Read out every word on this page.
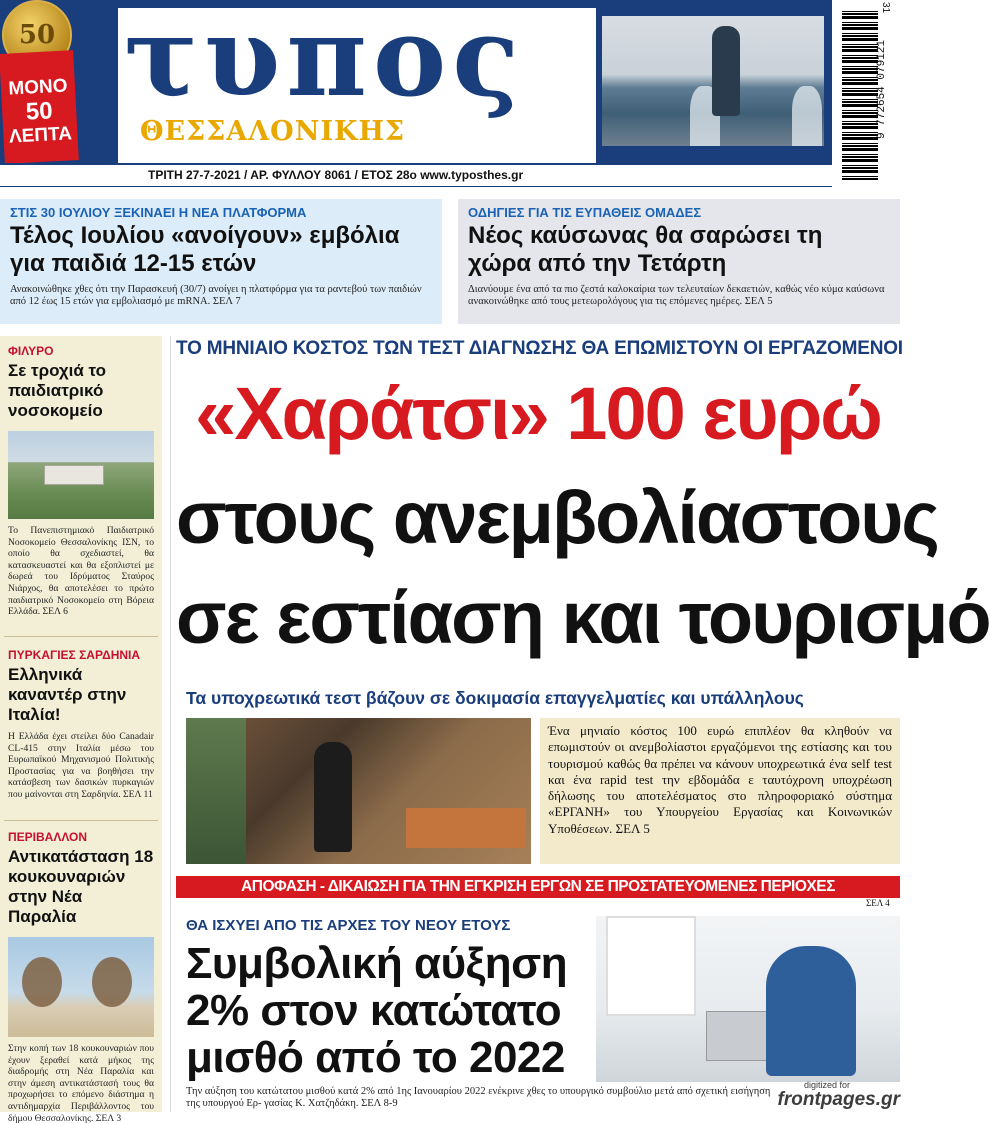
τυπος
ΘΕΣΣΑΛΟΝΙΚΗΣ
50
ΜΟΝΟ

50
ΛΕΠΤΑ
ΤΡΙΤΗ 27-7-2021 / ΑΡ. ΦΥΛΛΟΥ 8061 / ΕΤΟΣ 28ο www.typosthes.gr
9 772654 079121
31
ΣΤΙΣ 30 ΙΟΥΛΙΟΥ ΞΕΚΙΝΑΕΙ Η ΝΕΑ ΠΛΑΤΦΟΡΜΑ
Τέλος Ιουλίου «ανοίγουν» εμβόλια για παιδιά 12-15 ετών
Ανακοινώθηκε χθες ότι την Παρασκευή (30/7) ανοίγει η πλατφόρμα για τα ραντεβού των παιδιών από 12 έως 15 ετών για εμβολιασμό με mRNA. ΣΕΛ 7
ΟΔΗΓΙΕΣ ΓΙΑ ΤΙΣ ΕΥΠΑΘΕΙΣ ΟΜΑΔΕΣ
Νέος καύσωνας θα σαρώσει τη χώρα από την Τετάρτη
Διανύουμε ένα από τα πιο ζεστά καλοκαίρια των τελευταίων δεκαετιών, καθώς νέο κύμα καύσωνα ανακοινώθηκε από τους μετεωρολόγους για τις επόμενες ημέρες. ΣΕΛ 5
ΦΙΛΥΡΟ
Σε τροχιά το παιδιατρικό νοσοκομείο
Το Πανεπιστημιακό Παιδιατρικό Νοσοκομείο Θεσσαλονίκης ΙΣΝ, το οποίο θα σχεδιαστεί, θα κατασκευαστεί και θα εξοπλιστεί με δωρεά του Ιδρύματος Σταύρος Νιάρχος, θα αποτελέσει το πρώτο παιδιατρικό Νοσοκομείο στη Βόρεια Ελλάδα. ΣΕΛ 6
ΠΥΡΚΑΓΙΕΣ ΣΑΡΔΗΝΙΑ
Ελληνικά καναντέρ στην Ιταλία!
Η Ελλάδα έχει στείλει δύο Canadair CL-415 στην Ιταλία μέσω του Ευρωπαϊκού Μηχανισμού Πολιτικής Προστασίας για να βοηθήσει την κατάσβεση των δασικών πυρκαγιών που μαίνονται στη Σαρδηνία. ΣΕΛ 11
ΠΕΡΙΒΑΛΛΟΝ
Αντικατάσταση 18 κουκουναριών στην Νέα Παραλία
Στην κοπή των 18 κουκουναριών που έχουν ξεραθεί κατά μήκος της διαδρομής στη Νέα Παραλία και στην άμεση αντικατάστασή τους θα προχωρήσει το επόμενο διάστημα η αντιδημαρχία Περιβάλλοντος του δήμου Θεσσαλονίκης. ΣΕΛ 3
ΤΟ ΜΗΝΙΑΙΟ ΚΟΣΤΟΣ ΤΩΝ ΤΕΣΤ ΔΙΑΓΝΩΣΗΣ ΘΑ ΕΠΩΜΙΣΤΟΥΝ ΟΙ ΕΡΓΑΖΟΜΕΝΟΙ
«Χαράτσι» 100 ευρώ
στους ανεμβολίαστους
σε εστίαση και τουρισμό
Τα υποχρεωτικά τεστ βάζουν σε δοκιμασία επαγγελματίες και υπάλληλους
Ένα μηνιαίο κόστος 100 ευρώ επιπλέον θα κληθούν να επωμιστούν οι ανεμβολίαστοι εργαζόμενοι της εστίασης και του τουρισμού καθώς θα πρέπει να κάνουν υποχρεωτικά ένα self test και ένα rapid test την εβδομάδα ε ταυτόχρονη υποχρέωση δήλωσης του αποτελέσματος στο πληροφοριακό σύστημα «ΕΡΓΑΝΗ» του Υπουργείου Εργασίας και Κοινωνικών Υποθέσεων. ΣΕΛ 5
ΑΠΟΦΑΣΗ - ΔΙΚΑΙΩΣΗ ΓΙΑ ΤΗΝ ΕΓΚΡΙΣΗ ΕΡΓΩΝ ΣΕ ΠΡΟΣΤΑΤΕΥΟΜΕΝΕΣ ΠΕΡΙΟΧΕΣ
ΣΕΛ 4
ΘΑ ΙΣΧΥΕΙ ΑΠΟ ΤΙΣ ΑΡΧΕΣ ΤΟΥ ΝΕΟΥ ΕΤΟΥΣ
Συμβολική αύξηση 2% στον κατώτατο μισθό από το 2022
Την αύξηση του κατώτατου μισθού κατά 2% από 1ης Ιανουαρίου 2022 ενέκρινε χθες το υπουργικό συμβούλιο μετά από σχετική εισήγηση της υπουργού Ερ- γασίας Κ. Χατζηδάκη. ΣΕΛ 8-9
digitized for
frontpages.gr
